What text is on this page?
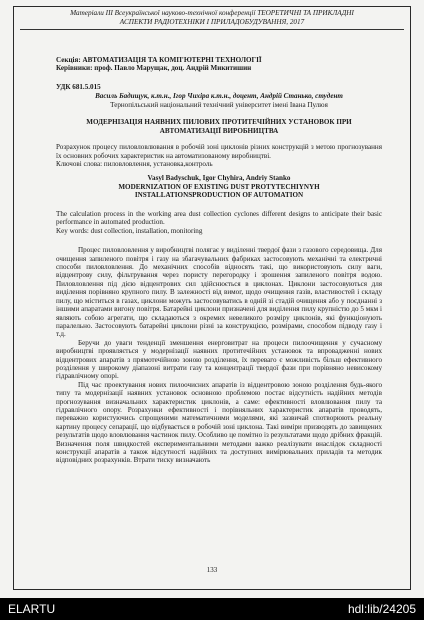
Матеріали ІІІ Всеукраїнської науково-технічної конференції ТЕОРЕТИЧНІ ТА ПРИКЛАДНІ
АСПЕКТИ РАДІОТЕХНІКИ І ПРИЛАДОБУДУВАННЯ, 2017
Секція: АВТОМАТИЗАЦІЯ ТА КОМП'ЮТЕРНІ ТЕХНОЛОГІЇ
Керівники: проф. Павло Марущак, доц. Андрій Микитишин
УДК 681.5.015
Василь Бадищук, к.т.н., Ігор Чихіра к.т.н., доцент, Андрій Станько, студент
Тернопільський національний технічний університет імені Івана Пулюя
МОДЕРНІЗАЦІЯ НАЯВНИХ ПИЛОВИХ ПРОТИТЕЧІЙНИХ УСТАНОВОК ПРИ
АВТОМАТИЗАЦІЇ ВИРОБНИЦТВА
Розрахунок процесу пиловловлювання в робочій зоні циклонів різних конструкцій з метою прогнозування їх основних робочих характеристик на автоматизованому виробництві.
Ключові слова: пиловловлення, установка,контроль
Vasyl Badyschuk, Igor Chyhira, Andriy Stanko
MODERNIZATION OF EXISTING DUST PROTYTECHIYNYH
INSTALLATIONSPRODUCTION OF AUTOMATION
The calculation process in the working area dust collection cyclones different designs to anticipate their basic performance in automated production.
Key words: dust collection, installation, monitoring
Процес пиловловлення у виробництві полягає у виділенні твердої фази з газового середовища. Для очищення запиленого повітря і газу на збагачувальних фабриках застосовують механічні та електричні способи пиловловлення. До механічних способів відносять такі, що використовують силу ваги, відцентрову силу, фільтрування через пористу перегородку і зрошення запиленого повітря водою. Пиловловлення під дією відцентрових сил здійснюється в циклонах. Циклони застосовуються для виділення порівняно крупного пилу. В залежності від вимог, щодо очищення газів, властивостей і складу пилу, що міститься в газах, циклони можуть застосовуватись в одній зі стадій очищення або у поєднанні з іншими апаратами вигону повітря. Батарейні циклони призначені для виділення пилу крупністю до 5 мкм і являють собою агрегати, що складаються з окремих невеликого розміру циклонів, які функціонують паралельно. Застосовують батарейні циклони різні за конструкцією, розмірами, способом підводу газу і т.д.
Беручи до уваги тенденції зменшення енерговитрат на процеси пилоочищення у сучасному виробництві проявляється у модернізації наявних протитечійних установок та впровадженні нових відцентрових апаратів з прямотечійною зоною розділення, їх переваго є можливість більш ефективного розділення у широкому діапазоні витрати газу та концентрації твердої фази при порівняно невисокому гідравлічному опорі.
Під час проектування нових пилоочисних апаратів із відцентровою зоною розділення будь-якого типу та модернізації наявних установок основною проблемою постає відсутність надійних методів прогнозування визначальних характеристик циклонів, а саме: ефективності вловлювання пилу та гідравлічного опору. Розрахунки ефективності і порівняльних характеристик апаратів проводять, переважно користуючись спрощеними математичними моделями, які зазвичай спотворюють реальну картину процесу сепарації, що відбувається в робочій зоні циклона. Такі виміри призводять до завищених результатів щодо вловлювання частинок пилу. Особливо це помітно із результатами щодо дрібних фракцій. Визначення поля швидкостей експериментальними методами важко реалізувати внаслідок складності конструкції апаратів а також відсутності надійних та доступних вимірювальних приладів та методик відповідних розрахунків. Втрати тиску визначають
133
ELARTU	hdl:lib/24205
